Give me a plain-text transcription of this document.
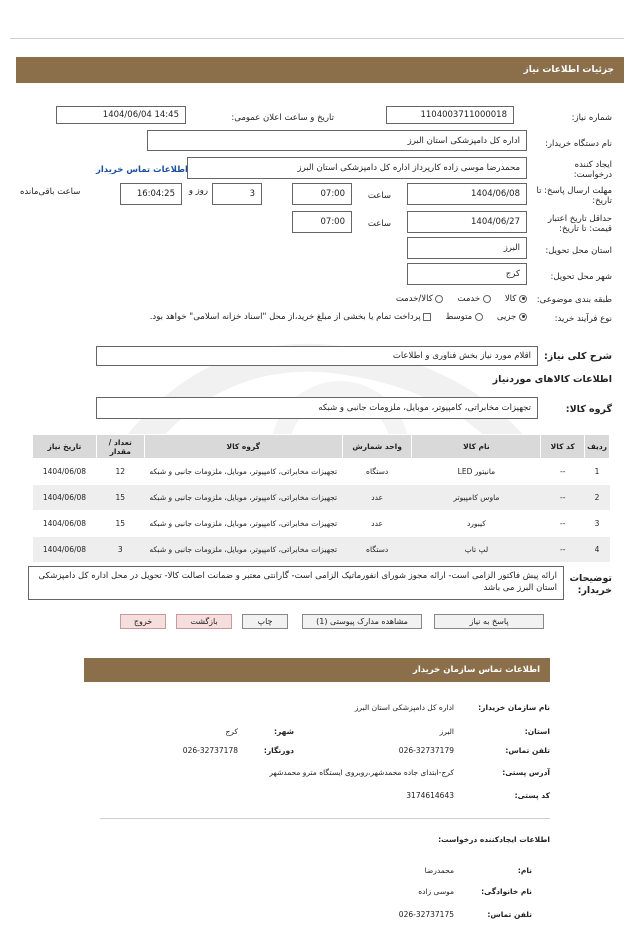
جزئیات اطلاعات نیاز
شماره نیاز:
1104003711000018
تاریخ و ساعت اعلان عمومی:
1404/06/04 14:45
نام دستگاه خریدار:
اداره کل دامپزشکی استان البرز
ایجاد کننده
درخواست:
محمدرضا موسی زاده کارپرداز اداره کل دامپزشکی استان البرز
اطلاعات تماس خریدار
مهلت ارسال پاسخ: تا
تاریخ:
1404/06/08
ساعت
07:00
3
روز و
16:04:25
ساعت باقی‌مانده
حداقل تاریخ اعتبار
قیمت: تا تاریخ:
1404/06/27
ساعت
07:00
استان محل تحویل:
البرز
شهر محل تحویل:
کرج
طبقه بندی موضوعی:
کالا
خدمت
کالا/خدمت
نوع فرآیند خرید:
جزیی
متوسط
پرداخت تمام یا بخشی از مبلغ خرید،از محل "اسناد خزانه اسلامی" خواهد بود.
شرح کلی نیاز:
اقلام مورد نیاز بخش فناوری و اطلاعات
اطلاعات کالاهای موردنیاز
گروه کالا:
تجهیزات مخابراتی، کامپیوتر، موبایل، ملزومات جانبی و شبکه
ردیف	کد کالا	نام کالا	واحد شمارش	گروه کالا	تعداد / مقدار	تاریخ نیاز
1	--	مانیتور LED	دستگاه	تجهیزات مخابراتی، کامپیوتر، موبایل، ملزومات جانبی و شبکه	12	1404/06/08
2	--	ماوس کامپیوتر	عدد	تجهیزات مخابراتی، کامپیوتر، موبایل، ملزومات جانبی و شبکه	15	1404/06/08
3	--	کیبورد	عدد	تجهیزات مخابراتی، کامپیوتر، موبایل، ملزومات جانبی و شبکه	15	1404/06/08
4	--	لپ تاپ	دستگاه	تجهیزات مخابراتی، کامپیوتر، موبایل، ملزومات جانبی و شبکه	3	1404/06/08
توضیحات
خریدار:
ارائه پیش فاکتور الزامی است- ارائه مجوز شورای انفورماتیک الزامی است- گارانتی معتبر و ضمانت اصالت کالا- تحویل در محل اداره کل دامپزشکی استان البرز می باشد
پاسخ به نیاز
مشاهده مدارک پیوستی (1)
چاپ
بازگشت
خروج
اطلاعات تماس سازمان خریدار
نام سازمان خریدار:
اداره کل دامپزشکی استان البرز
استان:
البرز
شهر:
کرج
تلفن تماس:
026-32737179
دورنگار:
026-32737178
آدرس پستی:
کرج-ابتدای جاده محمدشهر،روبروی ایستگاه مترو محمدشهر
کد پستی:
3174614643
اطلاعات ایجادکننده درخواست:
نام:
محمدرضا
نام خانوادگی:
موسی زاده
تلفن تماس:
026-32737175
